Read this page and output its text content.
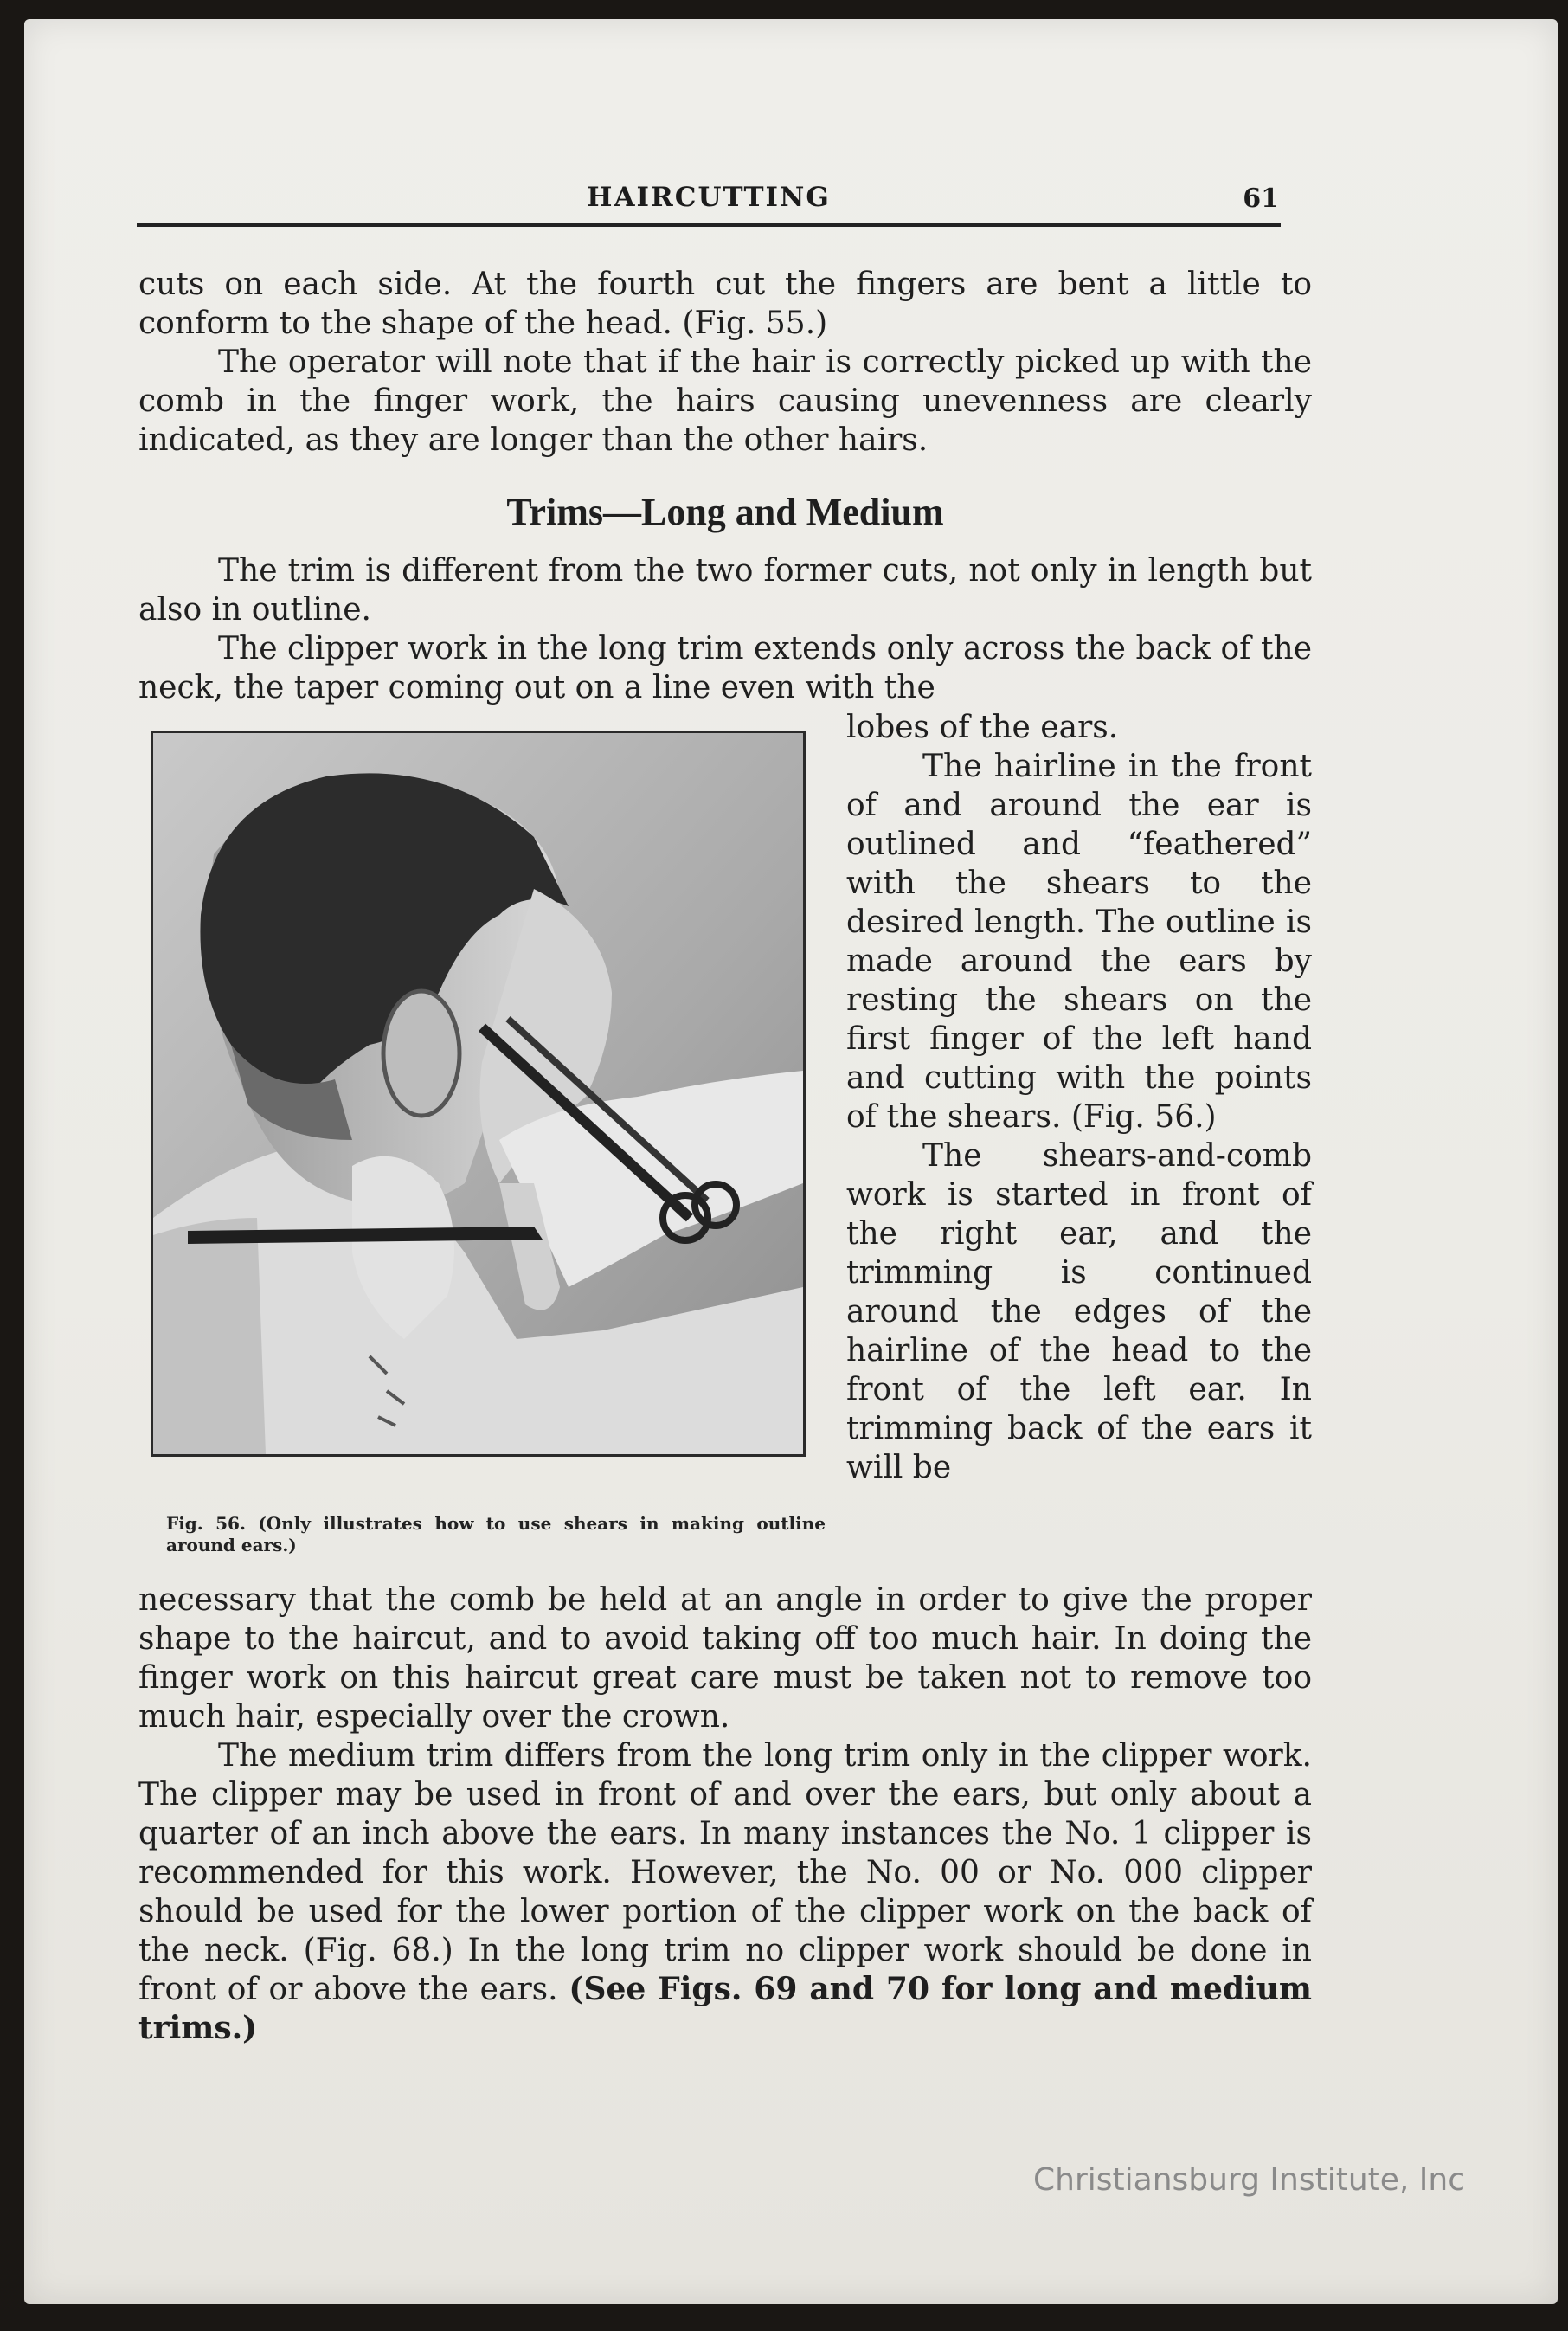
HAIRCUTTING	61

cuts on each side. At the fourth cut the fingers are bent a little to conform to the shape of the head. (Fig. 55.)

The operator will note that if the hair is correctly picked up with the comb in the finger work, the hairs causing unevenness are clearly indicated, as they are longer than the other hairs.

Trims—Long and Medium

The trim is different from the two former cuts, not only in length but also in outline.

The clipper work in the long trim extends only across the back of the neck, the taper coming out on a line even with the

lobes of the ears.

The hairline in the front of and around the ear is outlined and “feathered” with the shears to the desired length. The outline is made around the ears by resting the shears on the first finger of the left hand and cutting with the points of the shears. (Fig. 56.)

The shears-and-comb work is started in front of the right ear, and the trimming is continued around the edges of the hairline of the head to the front of the left ear. In trimming back of the ears it will be

Fig. 56. (Only illustrates how to use shears in making outline around ears.)

necessary that the comb be held at an angle in order to give the proper shape to the haircut, and to avoid taking off too much hair. In doing the finger work on this haircut great care must be taken not to remove too much hair, especially over the crown.

The medium trim differs from the long trim only in the clipper work. The clipper may be used in front of and over the ears, but only about a quarter of an inch above the ears. In many instances the No. 1 clipper is recommended for this work. However, the No. 00 or No. 000 clipper should be used for the lower portion of the clipper work on the back of the neck. (Fig. 68.) In the long trim no clipper work should be done in front of or above the ears. (See Figs. 69 and 70 for long and medium trims.)

Christiansburg Institute, Inc
